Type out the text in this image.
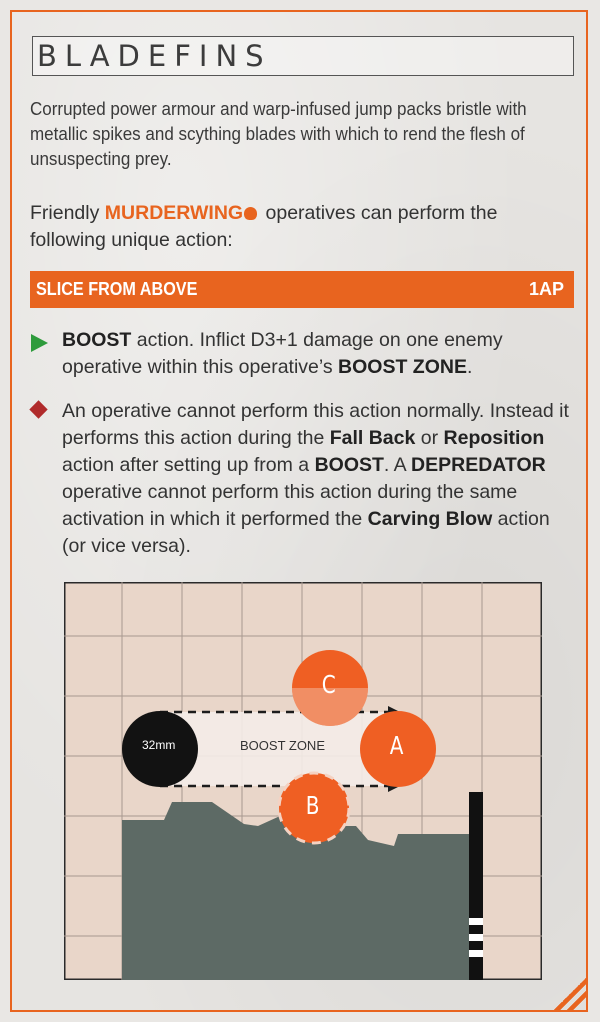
BLADEFINS
Corrupted power armour and warp-infused jump packs bristle with metallic spikes and scything blades with which to rend the flesh of unsuspecting prey.
Friendly MURDERWING operatives can perform the following unique action:
SLICE FROM ABOVE	1AP
BOOST action. Inflict D3+1 damage on one enemy operative within this operative’s BOOST ZONE.
An operative cannot perform this action normally. Instead it performs this action during the Fall Back or Reposition action after setting up from a BOOST. A DEPREDATOR operative cannot perform this action during the same activation in which it performed the Carving Blow action (or vice versa).
32mm	BOOST ZONE
C
A
B
